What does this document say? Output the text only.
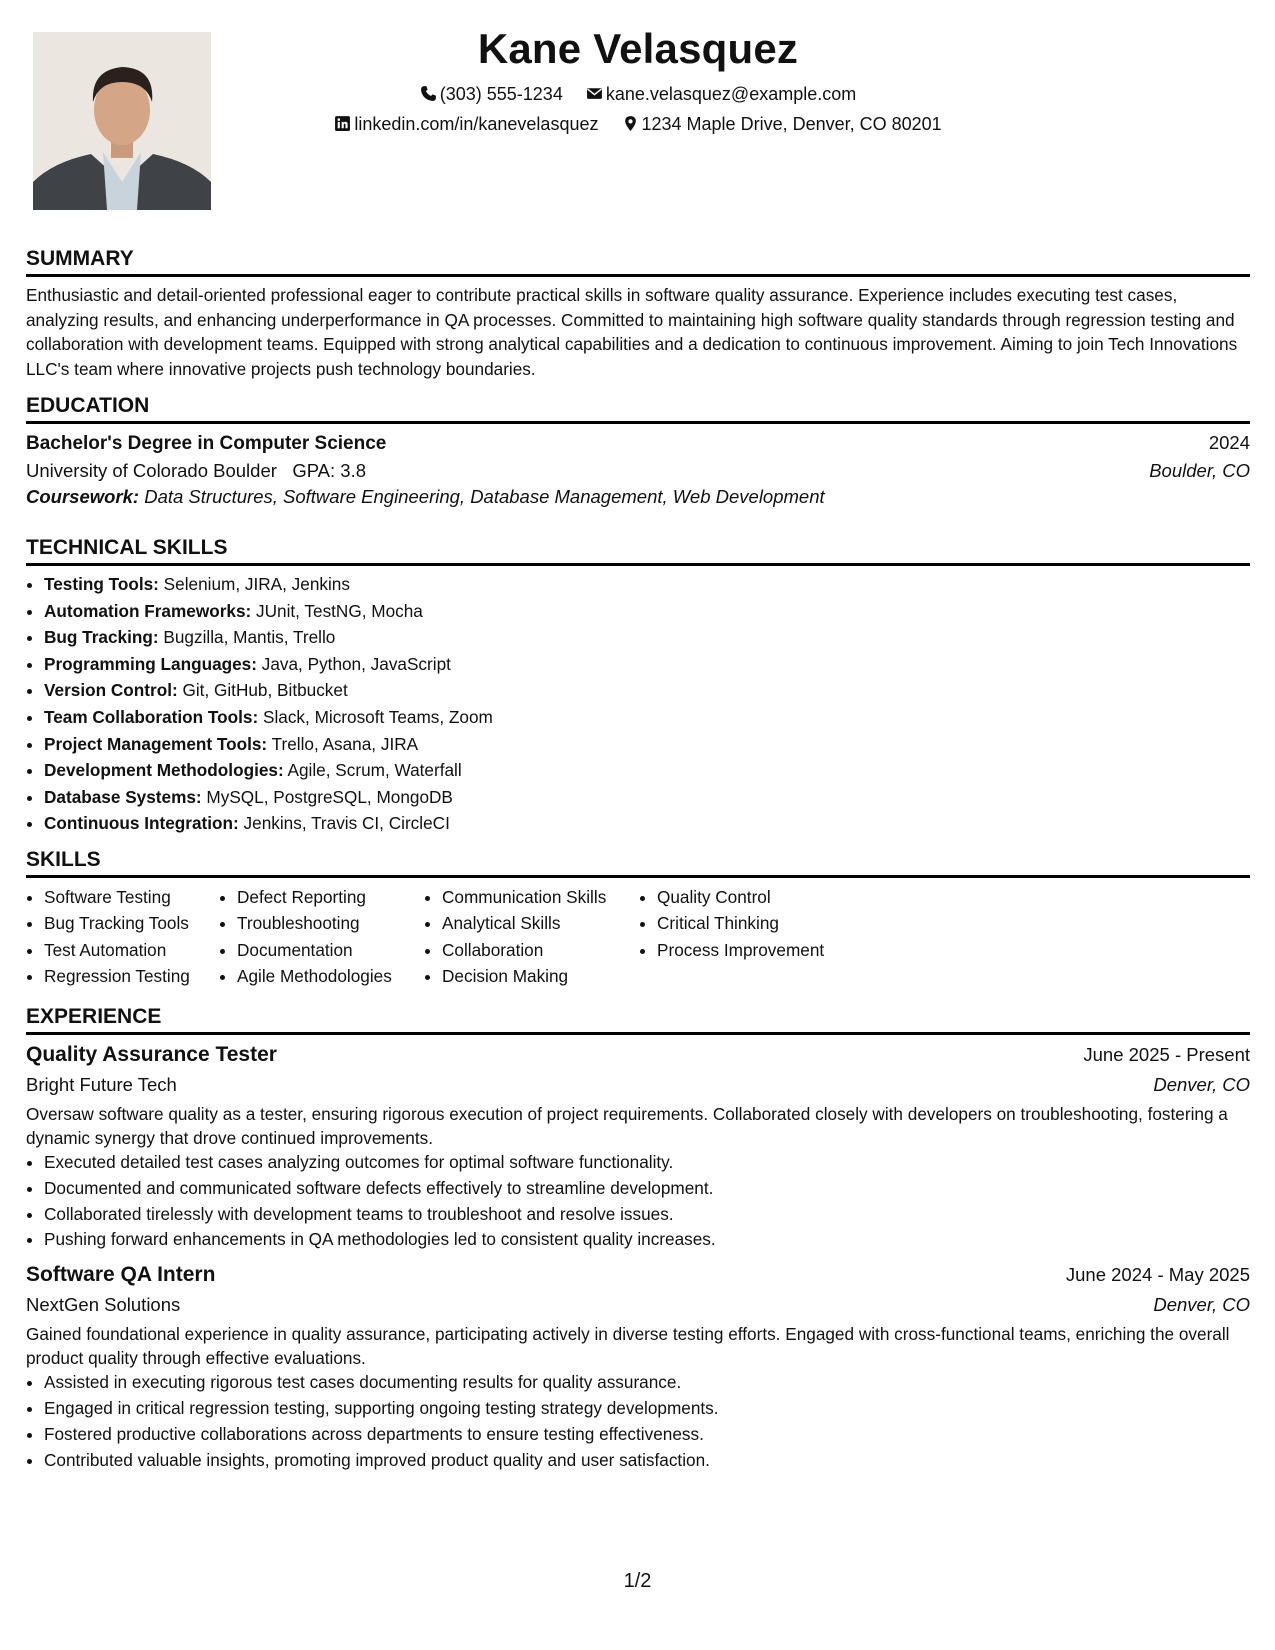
Kane Velasquez
(303) 555-1234 kane.velasquez@example.com
linkedin.com/in/kanevelasquez 1234 Maple Drive, Denver, CO 80201
SUMMARY
Enthusiastic and detail-oriented professional eager to contribute practical skills in software quality assurance. Experience includes executing test cases, analyzing results, and enhancing underperformance in QA processes. Committed to maintaining high software quality standards through regression testing and collaboration with development teams. Equipped with strong analytical capabilities and a dedication to continuous improvement. Aiming to join Tech Innovations LLC's team where innovative projects push technology boundaries.
EDUCATION
Bachelor's Degree in Computer Science	2024
University of Colorado Boulder GPA: 3.8	Boulder, CO
Coursework: Data Structures, Software Engineering, Database Management, Web Development
TECHNICAL SKILLS
• Testing Tools: Selenium, JIRA, Jenkins
• Automation Frameworks: JUnit, TestNG, Mocha
• Bug Tracking: Bugzilla, Mantis, Trello
• Programming Languages: Java, Python, JavaScript
• Version Control: Git, GitHub, Bitbucket
• Team Collaboration Tools: Slack, Microsoft Teams, Zoom
• Project Management Tools: Trello, Asana, JIRA
• Development Methodologies: Agile, Scrum, Waterfall
• Database Systems: MySQL, PostgreSQL, MongoDB
• Continuous Integration: Jenkins, Travis CI, CircleCI
SKILLS
• Software Testing
• Bug Tracking Tools
• Test Automation
• Regression Testing
• Defect Reporting
• Troubleshooting
• Documentation
• Agile Methodologies
• Communication Skills
• Analytical Skills
• Collaboration
• Decision Making
• Quality Control
• Critical Thinking
• Process Improvement
EXPERIENCE
Quality Assurance Tester	June 2025 - Present
Bright Future Tech	Denver, CO
Oversaw software quality as a tester, ensuring rigorous execution of project requirements. Collaborated closely with developers on troubleshooting, fostering a dynamic synergy that drove continued improvements.
• Executed detailed test cases analyzing outcomes for optimal software functionality.
• Documented and communicated software defects effectively to streamline development.
• Collaborated tirelessly with development teams to troubleshoot and resolve issues.
• Pushing forward enhancements in QA methodologies led to consistent quality increases.
Software QA Intern	June 2024 - May 2025
NextGen Solutions	Denver, CO
Gained foundational experience in quality assurance, participating actively in diverse testing efforts. Engaged with cross-functional teams, enriching the overall product quality through effective evaluations.
• Assisted in executing rigorous test cases documenting results for quality assurance.
• Engaged in critical regression testing, supporting ongoing testing strategy developments.
• Fostered productive collaborations across departments to ensure testing effectiveness.
• Contributed valuable insights, promoting improved product quality and user satisfaction.
1/2
